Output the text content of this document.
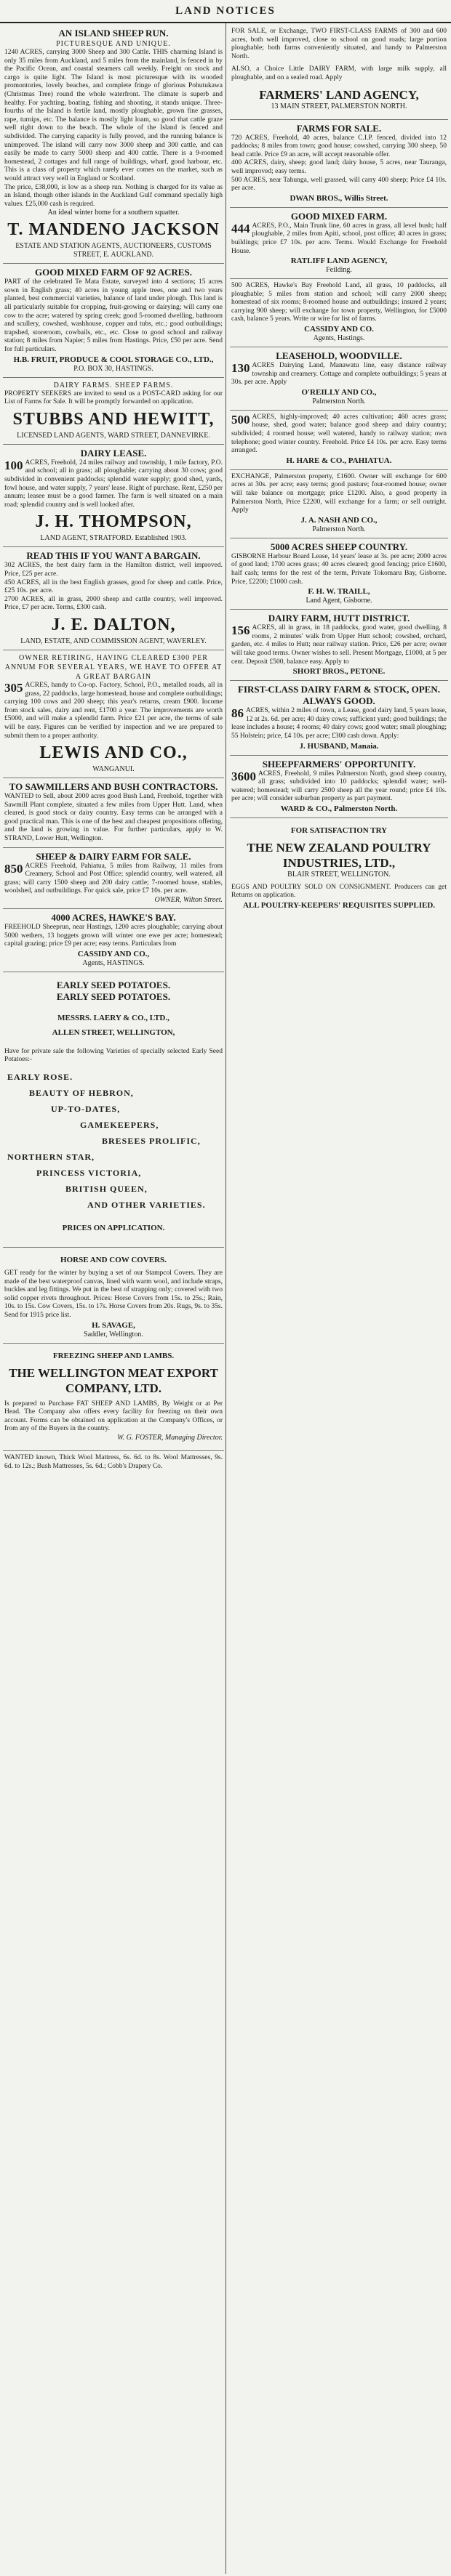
LAND NOTICES
AN ISLAND SHEEP RUN.
PICTURESQUE AND UNIQUE.
1240 ACRES, carrying 3000 Sheep and 300 Cattle. THIS charming Island is only 35 miles from Auckland, and 5 miles from the mainland, is fenced in by the Pacific Ocean, and coastal steamers call weekly. Freight on stock and cargo is quite light. The Island is most picturesque with its wooded promontories, lovely beaches, and complete fringe of glorious Pohutukawa (Christmas Tree) round the whole waterfront. The climate is superb and healthy. For yachting, boating, fishing and shooting, it stands unique. Three-fourths of the Island is fertile land, mostly ploughable, grown fine grasses, rape, turnips, etc. The balance is mostly light loam, so good that cattle graze well right down to the beach. The whole of the Island is fenced and subdivided. The carrying capacity is fully proved, and the running balance is unimproved. The island will carry now 3000 sheep and 300 cattle, and can easily be made to carry 5000 sheep and 400 cattle. There is a 9-roomed homestead, 2 cottages and full range of buildings, wharf, good harbour, etc. This is a class of property which rarely ever comes on the market, such as would attract very well in England or Scotland.
The price, £38,000, is low as a sheep run. Nothing is charged for its value as an Island, though other islands in the Auckland Gulf command specially high values. £25,000 cash is required.
An ideal winter home for a southern squatter.
T. MANDENO JACKSON
ESTATE AND STATION AGENTS, AUCTIONEERS, CUSTOMS STREET, E. AUCKLAND.
GOOD MIXED FARM OF 92 ACRES.
PART of the celebrated Te Mata Estate, surveyed into 4 sections; 15 acres sown in English grass; 40 acres in young apple trees, one and two years planted, best commercial varieties, balance of land under plough. This land is all particularly suitable for cropping, fruit-growing or dairying; will carry one cow to the acre; watered by spring creek; good 5-roomed dwelling, bathroom and scullery, cowshed, washhouse, copper and tubs, etc.; good outbuildings; trapshed, storeroom, cowbails, etc., etc. Close to good school and railway station; 8 miles from Napier; 5 miles from Hastings. Price, £50 per acre. Send for full particulars.
H.B. FRUIT, PRODUCE & COOL STORAGE CO., LTD.,
P.O. BOX 30, HASTINGS.
DAIRY FARMS. SHEEP FARMS.
PROPERTY SEEKERS are invited to send us a POST-CARD asking for our List of Farms for Sale. It will be promptly forwarded on application.
STUBBS AND HEWITT,
LICENSED LAND AGENTS, WARD STREET, DANNEVIRKE.
DAIRY LEASE.
100 ACRES, Freehold, 24 miles railway and township, 1 mile factory, P.O. and school; all in grass; all ploughable; carrying about 30 cows; good subdivided in convenient paddocks; splendid water supply; good shed, yards, fowl house, and water supply, 7 years' lease. Right of purchase. Rent, £250 per annum; leasee must be a good farmer. The farm is well situated on a main road; splendid country and is well looked after.
J. H. THOMPSON,
LAND AGENT, STRATFORD. Established 1903.
READ THIS IF YOU WANT A BARGAIN.
302 ACRES, the best dairy farm in the Hamilton district, well improved. Price, £25 per acre.
450 ACRES, all in the best English grasses, good for sheep and cattle. Price, £25 10s. per acre.
2700 ACRES, all in grass, 2000 sheep and cattle country, well improved. Price, £7 per acre. Terms, £300 cash.
J. E. DALTON,
LAND, ESTATE, AND COMMISSION AGENT, WAVERLEY.
OWNER RETIRING, HAVING CLEARED £300 PER ANNUM FOR SEVERAL YEARS, WE HAVE TO OFFER AT A GREAT BARGAIN
305 ACRES, handy to Co-op. Factory, School, P.O., metalled roads, all in grass, 22 paddocks, large homestead, house and complete outbuildings; carrying 100 cows and 200 sheep; this year's returns, cream £900. Income from stock sales, dairy and rent, £1700 a year. The improvements are worth £5000, and will make a splendid farm. Price £21 per acre, the terms of sale will be easy. Figures can be verified by inspection and we are prepared to submit them to a proper authority.
LEWIS AND CO.,
WANGANUI.
TO SAWMILLERS AND BUSH CONTRACTORS.
WANTED to Sell, about 2000 acres good Bush Land, Freehold, together with Sawmill Plant complete, situated a few miles from Upper Hutt. Land, when cleared, is good stock or dairy country. Easy terms can be arranged with a good practical man. This is one of the best and cheapest propositions offering, and the land is growing in value. For further particulars, apply to W. STRAND, Lower Hutt, Wellington.
SHEEP & DAIRY FARM FOR SALE.
850 ACRES Freehold, Pahiatua, 5 miles from Railway, 11 miles from Creamery, School and Post Office; splendid country, well watered, all grass; will carry 1500 sheep and 200 dairy cattle; 7-roomed house, stables, woolshed, and outbuildings. For quick sale, price £7 10s. per acre.
OWNER, Wilton Street.
4000 ACRES, HAWKE'S BAY.
FREEHOLD Sheeprun, near Hastings, 1200 acres ploughable; carrying about 5000 wethers, 13 hoggets grown will winter one ewe per acre; homestead; capital grazing; price £9 per acre; easy terms. Particulars from
CASSIDY AND CO.,
Agents, HASTINGS.
EARLY SEED POTATOES.
EARLY SEED POTATOES.
MESSRS. LAERY & CO., LTD.,
ALLEN STREET, WELLINGTON,
Have for private sale the following Varieties of specially selected Early Seed Potatoes:-
EARLY ROSE.
BEAUTY OF HEBRON,
UP-TO-DATES,
GAMEKEEPERS,
BRESEES PROLIFIC,
NORTHERN STAR,
PRINCESS VICTORIA,
BRITISH QUEEN,
AND OTHER VARIETIES.
PRICES ON APPLICATION.
HORSE AND COW COVERS.
GET ready for the winter by buying a set of our Stampcol Covers. They are made of the best waterproof canvas, lined with warm wool, and include straps, buckles and leg fittings. We put in the best of strapping only; covered with two solid copper rivets throughout. Prices: Horse Covers from 15s. to 25s.; Rain, 10s. to 15s. Cow Covers, 15s. to 17s. Horse Covers from 20s. Rugs, 9s. to 35s. Send for 1915 price list.
H. SAVAGE,
Saddler, Wellington.
FREEZING SHEEP AND LAMBS.
THE WELLINGTON MEAT EXPORT COMPANY, LTD.
Is prepared to Purchase FAT SHEEP AND LAMBS, By Weight or at Per Head. The Company also offers every facility for freezing on their own account. Forms can be obtained on application at the Company's Offices, or from any of the Buyers in the country.
W. G. FOSTER, Managing Director.
WANTED known, Thick Wool Mattress, 6s. 6d. to 8s. Wool Mattresses, 9s. 6d. to 12s.; Bush Mattresses, 5s. 6d.; Cobb's Drapery Co.
FOR SALE, or Exchange, TWO FIRST-CLASS FARMS of 300 and 600 acres, both well improved, close to school on good roads; large portion ploughable; both farms conveniently situated, and handy to Palmerston North.
ALSO, a Choice Little DAIRY FARM, with large milk supply, all ploughable, and on a sealed road. Apply
FARMERS' LAND AGENCY,
13 MAIN STREET, PALMERSTON NORTH.
FARMS FOR SALE.
720 ACRES, Freehold, 40 acres, balance C.I.P. fenced, divided into 12 paddocks; 8 miles from town; good house; cowshed, carrying 300 sheep, 50 head cattle. Price £9 an acre, will accept reasonable offer.
400 ACRES, dairy, sheep; good land; dairy house, 5 acres, near Tauranga, well improved; easy terms.
500 ACRES, near Tahunga, well grassed, will carry 400 sheep; Price £4 10s. per acre.
DWAN BROS., Willis Street.
GOOD MIXED FARM.
444 ACRES, P.O., Main Trunk line, 60 acres in grass, all level bush; half ploughable, 2 miles from Apiti, school, post office; 40 acres in grass; buildings; price £7 10s. per acre. Terms. Would Exchange for Freehold House.
RATLIFF LAND AGENCY,
Feilding.
500 ACRES, Hawke's Bay Freehold Land, all grass, 10 paddocks, all ploughable; 5 miles from station and school; will carry 2000 sheep; homestead of six rooms; 8-roomed house and outbuildings; insured 2 years; carrying 900 sheep; will exchange for town property, Wellington, for £5000 cash, balance 5 years. Write or wire for list of farms.
CASSIDY AND CO.
Agents, Hastings.
LEASEHOLD, WOODVILLE.
130 ACRES Dairying Land, Manawatu line, easy distance railway township and creamery. Cottage and complete outbuildings; 5 years at 30s. per acre. Apply
O'REILLY AND CO.,
Palmerston North.
500 ACRES, highly-improved; 40 acres cultivation; 460 acres grass; house, shed, good water; balance good sheep and dairy country; subdivided; 4 roomed house; well watered, handy to railway station; own telephone; good winter country. Freehold. Price £4 10s. per acre. Easy terms arranged.
H. HARE & CO., PAHIATUA.
EXCHANGE, Palmerston property, £1600. Owner will exchange for 600 acres at 30s. per acre; easy terms; good pasture; four-roomed house; owner will take balance on mortgage; price £1200. Also, a good property in Palmerston North, Price £2200, will exchange for a farm; or sell outright. Apply
J. A. NASH AND CO.,
Palmerston North.
5000 ACRES SHEEP COUNTRY.
GISBORNE Harbour Board Lease, 14 years' lease at 3s. per acre; 2000 acres of good land; 1700 acres grass; 40 acres cleared; good fencing; price £1600, half cash; terms for the rest of the term, Private Tokomaru Bay, Gisborne. Price, £2200; £1000 cash.
F. H. W. TRAILL,
Land Agent, Gisborne.
DAIRY FARM, HUTT DISTRICT.
156 ACRES, all in grass, in 18 paddocks, good water, good dwelling, 8 rooms, 2 minutes' walk from Upper Hutt school; cowshed, orchard, garden, etc. 4 miles to Hutt; near railway station. Price, £26 per acre; owner will take good terms. Owner wishes to sell. Present Mortgage, £1000, at 5 per cent. Deposit £500, balance easy. Apply to
SHORT BROS., PETONE.
FIRST-CLASS DAIRY FARM & STOCK, OPEN. ALWAYS GOOD.
86 ACRES, within 2 miles of town, a Lease, good dairy land, 5 years lease, 12 at 2s. 6d. per acre; 40 dairy cows; sufficient yard; good buildings; the lease includes a house; 4 rooms; 40 dairy cows; good water; small ploughing; 55 Holstein; price, £4 10s. per acre; £300 cash down. Apply:
J. HUSBAND, Manaia.
SHEEPFARMERS' OPPORTUNITY.
3600 ACRES, Freehold, 9 miles Palmerston North, good sheep country, all grass; subdivided into 10 paddocks; splendid water; well-watered; homestead; will carry 2500 sheep all the year round; price £4 10s. per acre; will consider suburban property as part payment.
WARD & CO., Palmerston North.
FOR SATISFACTION TRY
THE NEW ZEALAND POULTRY INDUSTRIES, LTD.,
BLAIR STREET, WELLINGTON.
EGGS AND POULTRY SOLD ON CONSIGNMENT. Producers can get Returns on application.
ALL POULTRY-KEEPERS' REQUISITES SUPPLIED.
